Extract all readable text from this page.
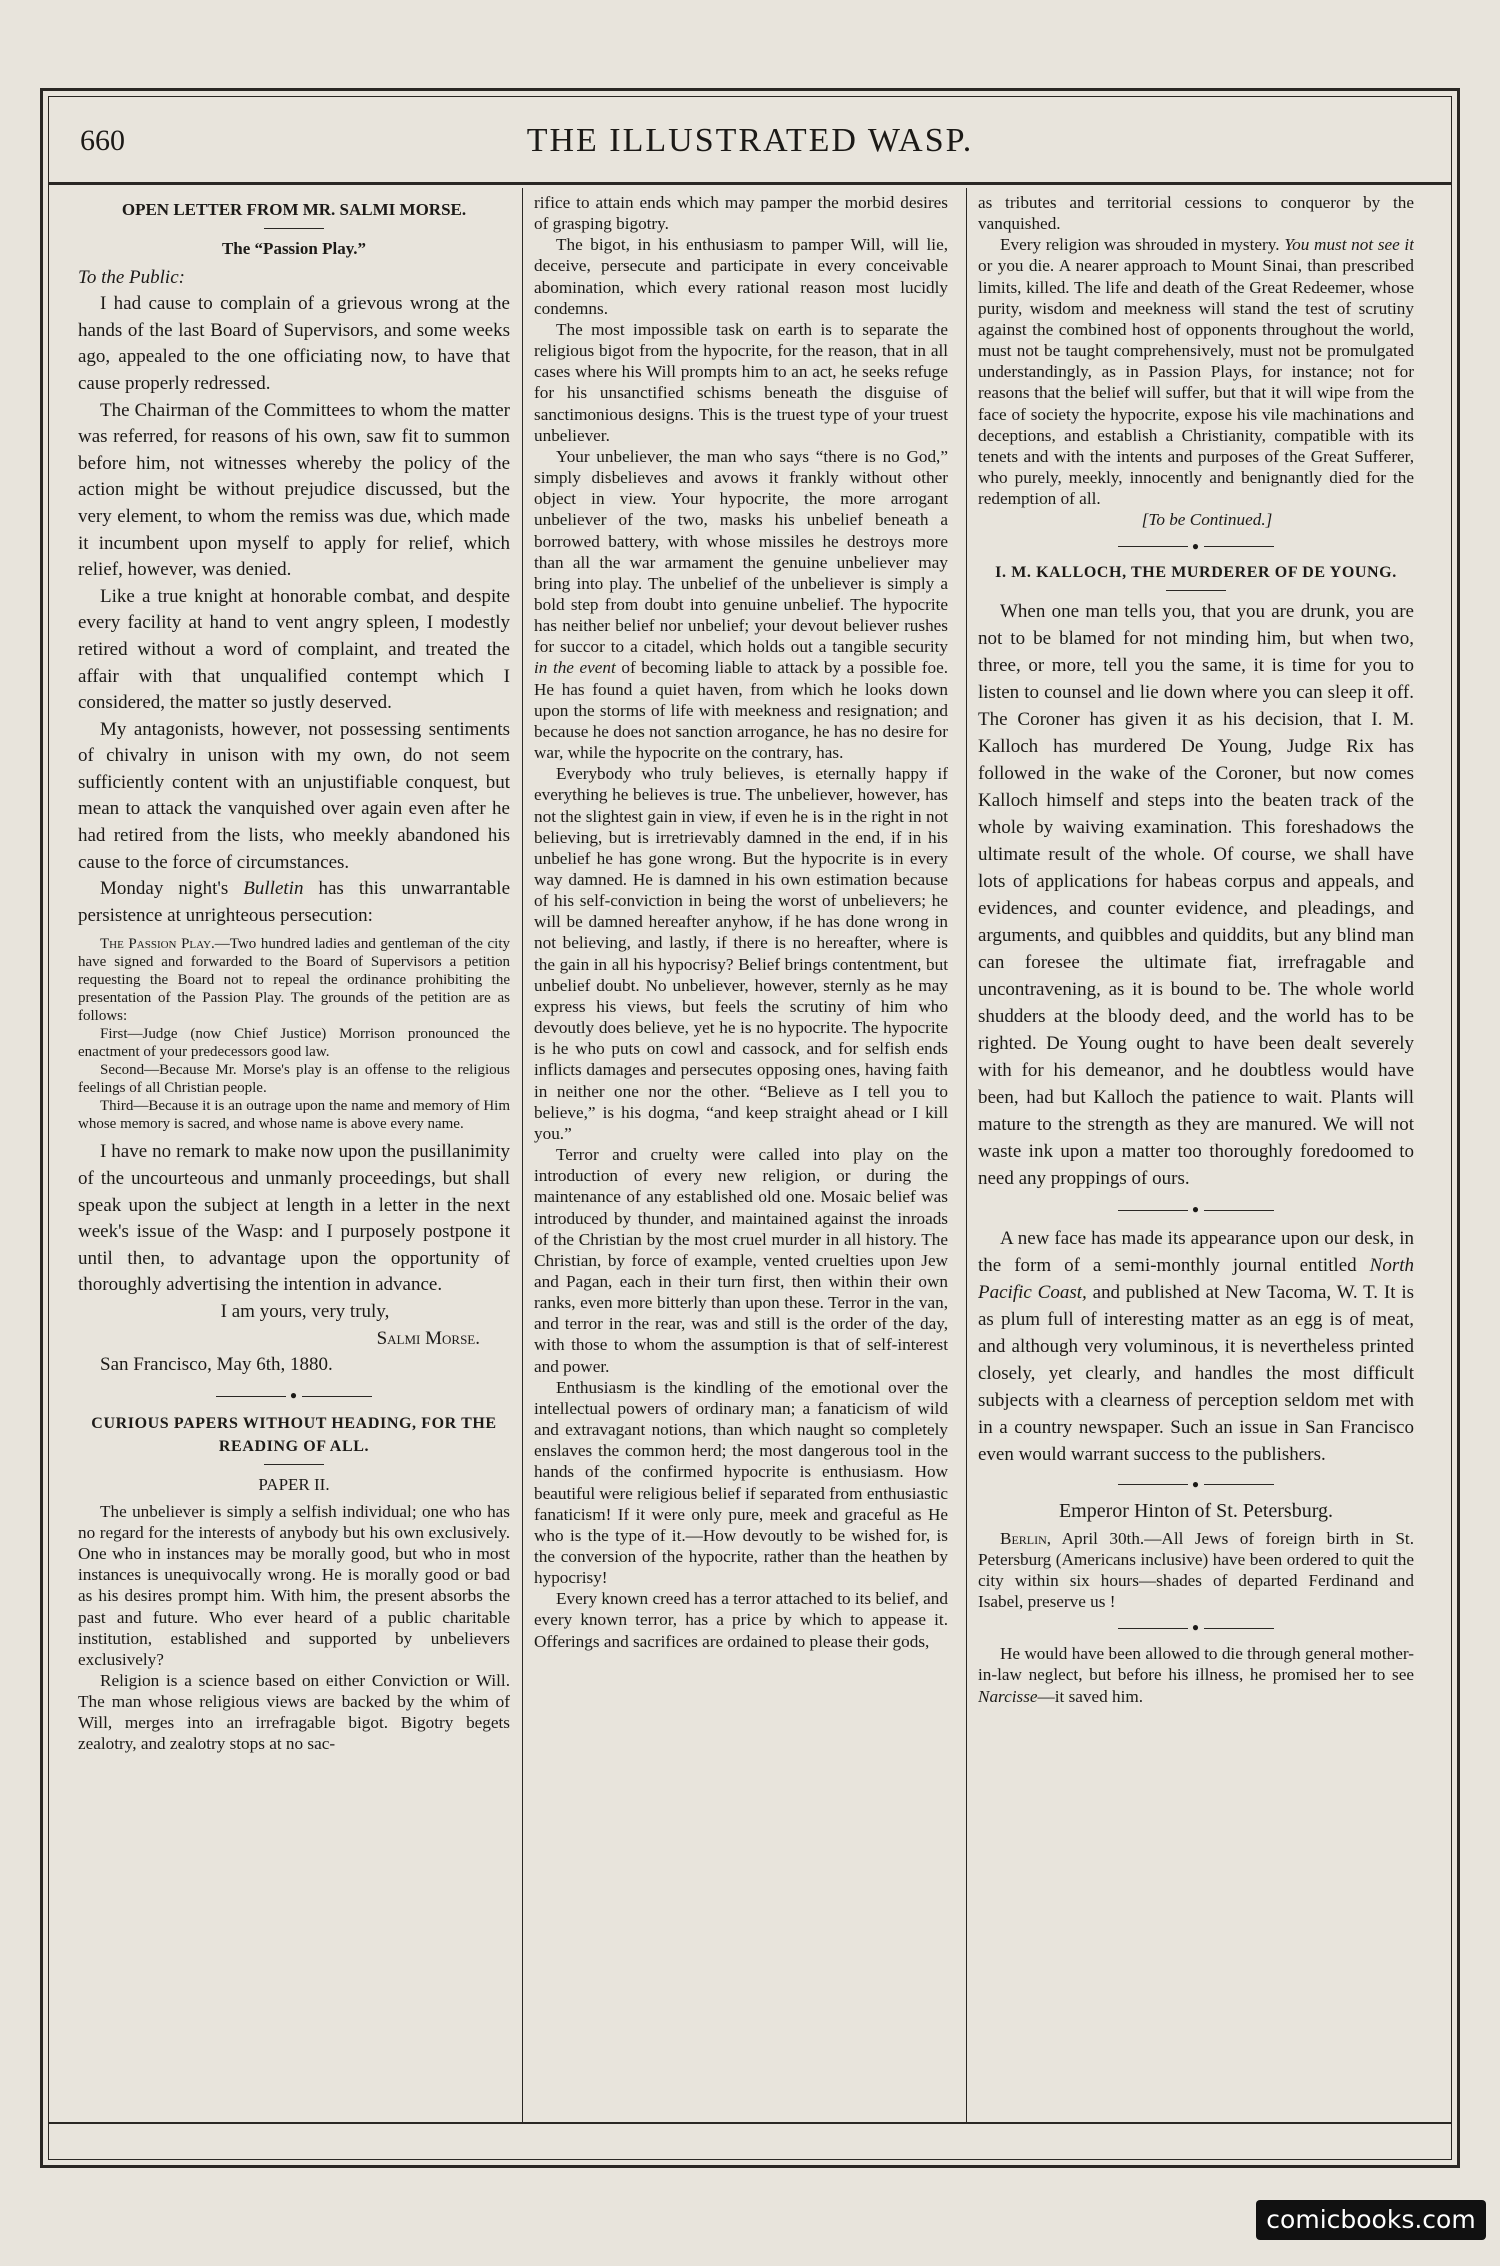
660	THE ILLUSTRATED WASP.
OPEN LETTER FROM MR. SALMI MORSE.
The “Passion Play.”

To the Public:

I had cause to complain of a grievous wrong at the hands of the last Board of Supervisors, and some weeks ago, appealed to the one officiating now, to have that cause properly redressed.

The Chairman of the Committees to whom the matter was referred, for reasons of his own, saw fit to summon before him, not witnesses whereby the policy of the action might be without prejudice discussed, but the very element, to whom the remiss was due, which made it incumbent upon myself to apply for relief, which relief, however, was denied.

Like a true knight at honorable combat, and despite every facility at hand to vent angry spleen, I modestly retired without a word of complaint, and treated the affair with that unqualified contempt which I considered, the matter so justly deserved.

My antagonists, however, not possessing sentiments of chivalry in unison with my own, do not seem sufficiently content with an unjustifiable conquest, but mean to attack the vanquished over again even after he had retired from the lists, who meekly abandoned his cause to the force of circumstances.

Monday night's Bulletin has this unwarrantable persistence at unrighteous persecution:

The Passion Play.—Two hundred ladies and gentleman of the city have signed and forwarded to the Board of Supervisors a petition requesting the Board not to repeal the ordinance prohibiting the presentation of the Passion Play. The grounds of the petition are as follows:

First—Judge (now Chief Justice) Morrison pronounced the enactment of your predecessors good law.

Second—Because Mr. Morse's play is an offense to the religious feelings of all Christian people.

Third—Because it is an outrage upon the name and memory of Him whose memory is sacred, and whose name is above every name.

I have no remark to make now upon the pusillanimity of the uncourteous and unmanly proceedings, but shall speak upon the subject at length in a letter in the next week's issue of the Wasp: and I purposely postpone it until then, to advantage upon the opportunity of thoroughly advertising the intention in advance.

I am yours, very truly,

Salmi Morse.

San Francisco, May 6th, 1880.

●
CURIOUS PAPERS WITHOUT HEADING, FOR THE READING OF ALL.
PAPER II.

The unbeliever is simply a selfish individual; one who has no regard for the interests of anybody but his own exclusively. One who in instances may be morally good, but who in most instances is unequivocally wrong. He is morally good or bad as his desires prompt him. With him, the present absorbs the past and future. Who ever heard of a public charitable institution, established and supported by unbelievers exclusively?

Religion is a science based on either Conviction or Will. The man whose religious views are backed by the whim of Will, merges into an irrefragable bigot. Bigotry begets zealotry, and zealotry stops at no sac-

rifice to attain ends which may pamper the morbid desires of grasping bigotry.

The bigot, in his enthusiasm to pamper Will, will lie, deceive, persecute and participate in every conceivable abomination, which every rational reason most lucidly condemns.

The most impossible task on earth is to separate the religious bigot from the hypocrite, for the reason, that in all cases where his Will prompts him to an act, he seeks refuge for his unsanctified schisms beneath the disguise of sanctimonious designs. This is the truest type of your truest unbeliever.

Your unbeliever, the man who says “there is no God,” simply disbelieves and avows it frankly without other object in view. Your hypocrite, the more arrogant unbeliever of the two, masks his unbelief beneath a borrowed battery, with whose missiles he destroys more than all the war armament the genuine unbeliever may bring into play. The unbelief of the unbeliever is simply a bold step from doubt into genuine unbelief. The hypocrite has neither belief nor unbelief; your devout believer rushes for succor to a citadel, which holds out a tangible security in the event of becoming liable to attack by a possible foe. He has found a quiet haven, from which he looks down upon the storms of life with meekness and resignation; and because he does not sanction arrogance, he has no desire for war, while the hypocrite on the contrary, has.

Everybody who truly believes, is eternally happy if everything he believes is true. The unbeliever, however, has not the slightest gain in view, if even he is in the right in not believing, but is irretrievably damned in the end, if in his unbelief he has gone wrong. But the hypocrite is in every way damned. He is damned in his own estimation because of his self-conviction in being the worst of unbelievers; he will be damned hereafter anyhow, if he has done wrong in not believing, and lastly, if there is no hereafter, where is the gain in all his hypocrisy? Belief brings contentment, but unbelief doubt. No unbeliever, however, sternly as he may express his views, but feels the scrutiny of him who devoutly does believe, yet he is no hypocrite. The hypocrite is he who puts on cowl and cassock, and for selfish ends inflicts damages and persecutes opposing ones, having faith in neither one nor the other. “Believe as I tell you to believe,” is his dogma, “and keep straight ahead or I kill you.”

Terror and cruelty were called into play on the introduction of every new religion, or during the maintenance of any established old one. Mosaic belief was introduced by thunder, and maintained against the inroads of the Christian by the most cruel murder in all history. The Christian, by force of example, vented cruelties upon Jew and Pagan, each in their turn first, then within their own ranks, even more bitterly than upon these. Terror in the van, and terror in the rear, was and still is the order of the day, with those to whom the assumption is that of self-interest and power.

Enthusiasm is the kindling of the emotional over the intellectual powers of ordinary man; a fanaticism of wild and extravagant notions, than which naught so completely enslaves the common herd; the most dangerous tool in the hands of the confirmed hypocrite is enthusiasm. How beautiful were religious belief if separated from enthusiastic fanaticism! If it were only pure, meek and graceful as He who is the type of it.—How devoutly to be wished for, is the conversion of the hypocrite, rather than the heathen by hypocrisy!

Every known creed has a terror attached to its belief, and every known terror, has a price by which to appease it. Offerings and sacrifices are ordained to please their gods,

as tributes and territorial cessions to conqueror by the vanquished.

Every religion was shrouded in mystery. You must not see it or you die. A nearer approach to Mount Sinai, than prescribed limits, killed. The life and death of the Great Redeemer, whose purity, wisdom and meekness will stand the test of scrutiny against the combined host of opponents throughout the world, must not be taught comprehensively, must not be promulgated understandingly, as in Passion Plays, for instance; not for reasons that the belief will suffer, but that it will wipe from the face of society the hypocrite, expose his vile machinations and deceptions, and establish a Christianity, compatible with its tenets and with the intents and purposes of the Great Sufferer, who purely, meekly, innocently and benignantly died for the redemption of all.

[To be Continued.]

●
I. M. KALLOCH, THE MURDERER OF DE YOUNG.

When one man tells you, that you are drunk, you are not to be blamed for not minding him, but when two, three, or more, tell you the same, it is time for you to listen to counsel and lie down where you can sleep it off. The Coroner has given it as his decision, that I. M. Kalloch has murdered De Young, Judge Rix has followed in the wake of the Coroner, but now comes Kalloch himself and steps into the beaten track of the whole by waiving examination. This foreshadows the ultimate result of the whole. Of course, we shall have lots of applications for habeas corpus and appeals, and evidences, and counter evidence, and pleadings, and arguments, and quibbles and quiddits, but any blind man can foresee the ultimate fiat, irrefragable and uncontravening, as it is bound to be. The whole world shudders at the bloody deed, and the world has to be righted. De Young ought to have been dealt severely with for his demeanor, and he doubtless would have been, had but Kalloch the patience to wait. Plants will mature to the strength as they are manured. We will not waste ink upon a matter too thoroughly foredoomed to need any proppings of ours.

●

A new face has made its appearance upon our desk, in the form of a semi-monthly journal entitled North Pacific Coast, and published at New Tacoma, W. T. It is as plum full of interesting matter as an egg is of meat, and although very voluminous, it is nevertheless printed closely, yet clearly, and handles the most difficult subjects with a clearness of perception seldom met with in a country newspaper. Such an issue in San Francisco even would warrant success to the publishers.

●
Emperor Hinton of St. Petersburg.

Berlin, April 30th.—All Jews of foreign birth in St. Petersburg (Americans inclusive) have been ordered to quit the city within six hours—shades of departed Ferdinand and Isabel, preserve us !

●

He would have been allowed to die through general mother-in-law neglect, but before his illness, he promised her to see Narcisse—it saved him.

comicbooks.com
